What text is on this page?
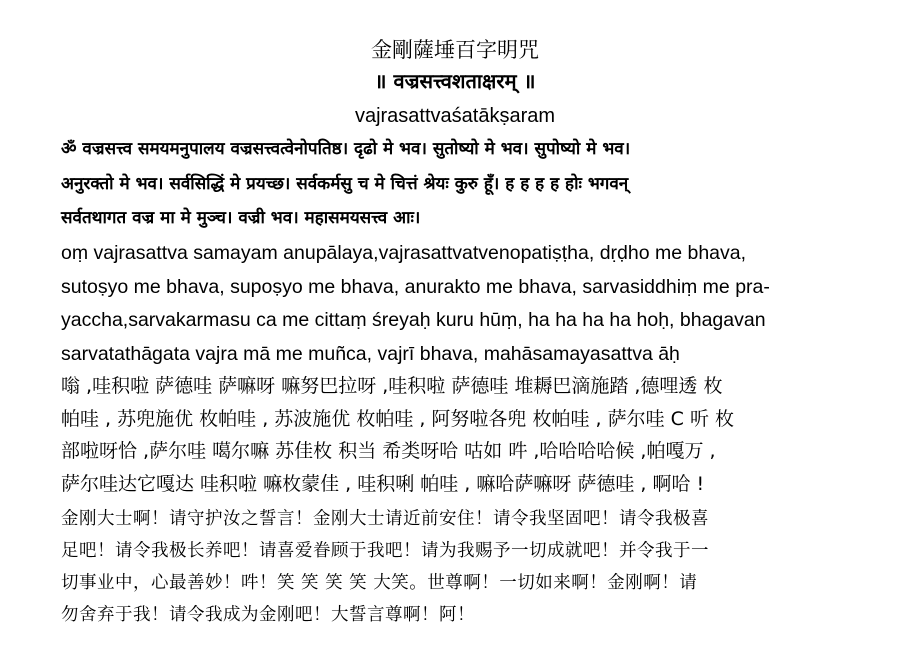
金剛薩埵百字明咒
॥ वज्रसत्त्वशताक्षरम् ॥
vajrasattvaśatākṣaram
ॐ वज्रसत्त्व समयमनुपालय वज्रसत्त्वत्वेनोपतिष्ठ। दृढो मे भव। सुतोष्यो मे भव। सुपोष्यो मे भव।
अनुरक्तो मे भव। सर्वसिद्धिं मे प्रयच्छ। सर्वकर्मसु च मे चित्तं श्रेयः कुरु हूँ। ह ह ह ह होः भगवन्
सर्वतथागत वज्र मा मे मुञ्च। वज्री भव। महासमयसत्त्व आः।
oṃ vajrasattva samayam anupālaya,vajrasattvatvenopatiṣṭha, dṛḍho me bhava,
sutoṣyo me bhava, supoṣyo me bhava, anurakto me bhava, sarvasiddhiṃ me pra-
yaccha,sarvakarmasu ca me cittaṃ śreyaḥ kuru hūṃ, ha ha ha ha hoḥ, bhagavan
sarvatathāgata vajra mā me muñca, vajrī bhava, mahāsamayasattva āḥ
嗡 ,哇积啦 萨德哇 萨嘛呀 嘛努巴拉呀 ,哇积啦 萨德哇 堆耨巴滴施踏 ,德哩透 枚
帕哇 , 苏兜施优 枚帕哇 , 苏波施优 枚帕哇 , 阿努啦各兜 枚帕哇 , 萨尔哇 C 听 枚
部啦呀恰 ,萨尔哇 噶尔嘛 苏佳枚 积当 希类呀哈 咕如 吽 ,哈哈哈哈候 ,帕嘎万 ,
萨尔哇达它嘎达 哇积啦 嘛枚蒙佳 , 哇积唎 帕哇 , 嘛哈萨嘛呀 萨德哇 , 啊哈 !
金刚大士啊！请守护汝之誓言！金刚大士请近前安住！请令我坚固吧！请令我极喜
足吧！请令我极长养吧！请喜爱眷顾于我吧！请为我赐予一切成就吧！并令我于一
切事业中，心最善妙！吽！笑 笑 笑 笑 大笑。世尊啊！一切如来啊！金刚啊！请
勿舍弃于我！请令我成为金刚吧！大誓言尊啊！阿！
